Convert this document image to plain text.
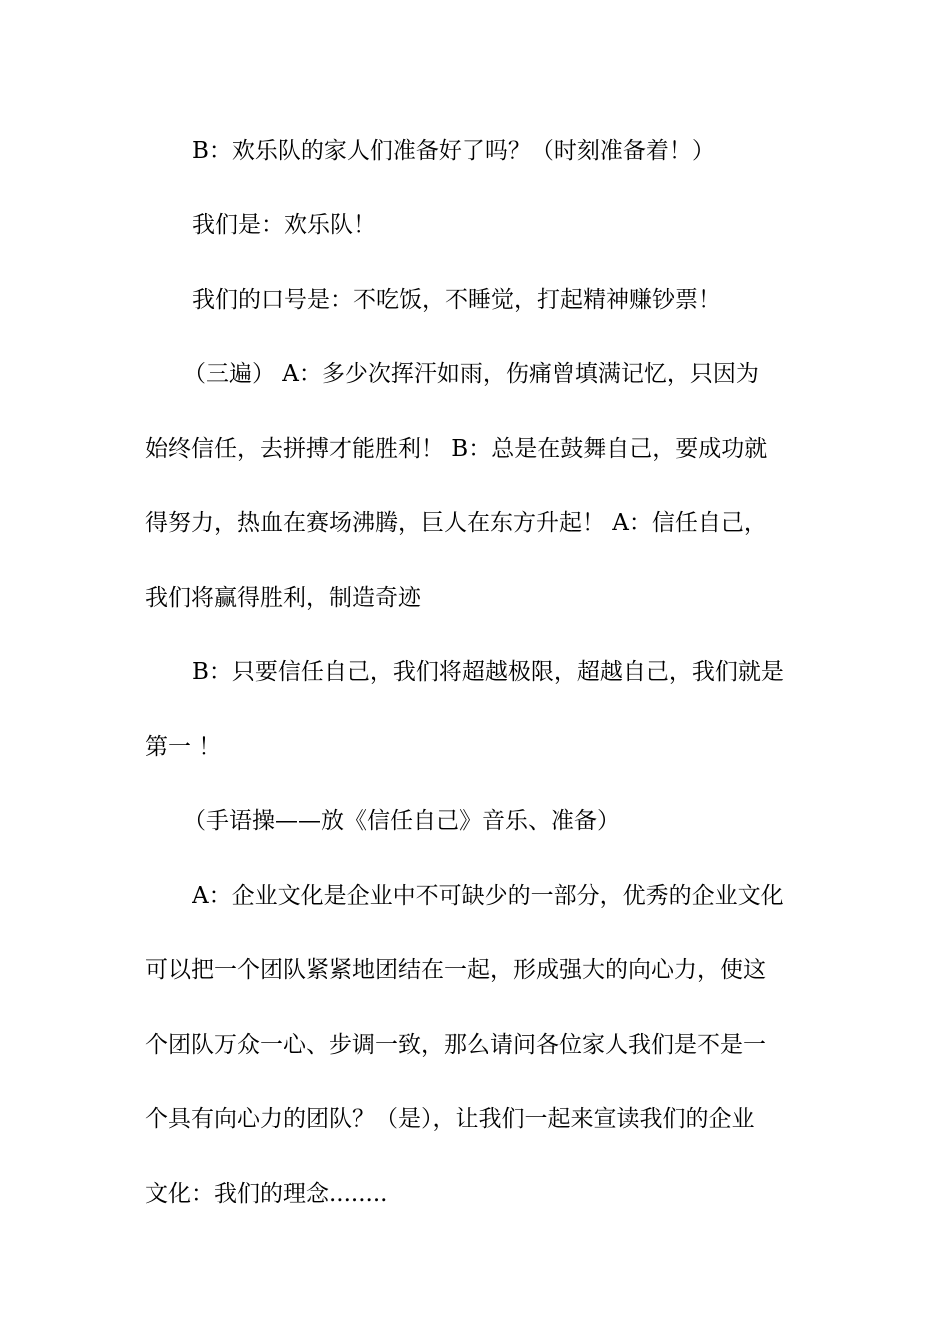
B：欢乐队的家人们准备好了吗？（时刻准备着！）
我们是：欢乐队！
我们的口号是：不吃饭，不睡觉，打起精神赚钞票！
（三遍） A：多少次挥汗如雨，伤痛曾填满记忆，只因为
始终信任，去拼搏才能胜利！ B：总是在鼓舞自己，要成功就
得努力，热血在赛场沸腾，巨人在东方升起！ A：信任自己，
我们将赢得胜利，制造奇迹
B：只要信任自己，我们将超越极限，超越自己，我们就是
第一 ！
（手语操——放《信任自己》音乐、准备）
A：企业文化是企业中不可缺少的一部分，优秀的企业文化
可以把一个团队紧紧地团结在一起，形成强大的向心力，使这
个团队万众一心、步调一致，那么请问各位家人我们是不是一
个具有向心力的团队？（是），让我们一起来宣读我们的企业
文化：我们的理念........
